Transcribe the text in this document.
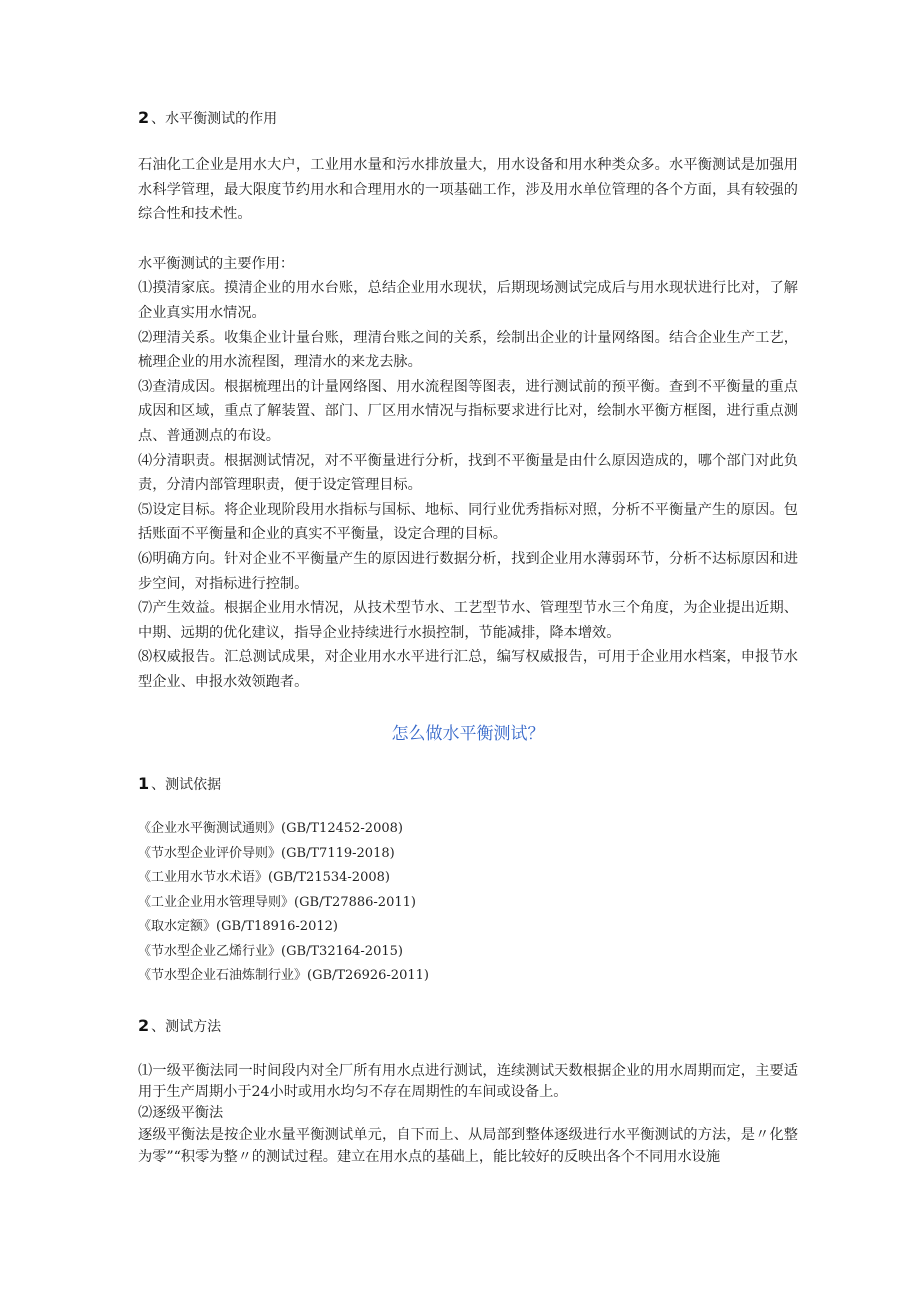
2 、水平衡测试的作用

石油化工企业是用水大户，工业用水量和污水排放量大，用水设备和用水种类众多。水平衡测试是加强用水科学管理，最大限度节约用水和合理用水的一项基础工作，涉及用水单位管理的各个方面，具有较强的综合性和技术性。

水平衡测试的主要作用：

⑴摸清家底。摸清企业的用水台账，总结企业用水现状，后期现场测试完成后与用水现状进行比对，了解企业真实用水情况。

⑵理清关系。收集企业计量台账，理清台账之间的关系，绘制出企业的计量网络图。结合企业生产工艺，梳理企业的用水流程图，理清水的来龙去脉。

⑶查清成因。根据梳理出的计量网络图、用水流程图等图表，进行测试前的预平衡。查到不平衡量的重点成因和区域，重点了解装置、部门、厂区用水情况与指标要求进行比对，绘制水平衡方框图，进行重点测点、普通测点的布设。

⑷分清职责。根据测试情况，对不平衡量进行分析，找到不平衡量是由什么原因造成的，哪个部门对此负责，分清内部管理职责，便于设定管理目标。

⑸设定目标。将企业现阶段用水指标与国标、地标、同行业优秀指标对照，分析不平衡量产生的原因。包括账面不平衡量和企业的真实不平衡量，设定合理的目标。

⑹明确方向。针对企业不平衡量产生的原因进行数据分析，找到企业用水薄弱环节，分析不达标原因和进步空间，对指标进行控制。

⑺产生效益。根据企业用水情况，从技术型节水、工艺型节水、管理型节水三个角度，为企业提出近期、中期、远期的优化建议，指导企业持续进行水损控制，节能减排，降本增效。

⑻权威报告。汇总测试成果，对企业用水水平进行汇总，编写权威报告，可用于企业用水档案，申报节水型企业、申报水效领跑者。

怎么做水平衡测试？

1 、测试依据

《企业水平衡测试通则》(GB/T12452-2008)

《节水型企业评价导则》(GB/T7119-2018)

《工业用水节水术语》(GB/T21534-2008)

《工业企业用水管理导则》(GB/T27886-2011)

《取水定额》(GB/T18916-2012)

《节水型企业乙烯行业》(GB/T32164-2015)

《节水型企业石油炼制行业》(GB/T26926-2011)

2 、测试方法

⑴一级平衡法同一时间段内对全厂所有用水点进行测试，连续测试天数根据企业的用水周期而定，主要适用于生产周期小于24小时或用水均匀不存在周期性的车间或设备上。

⑵逐级平衡法

逐级平衡法是按企业水量平衡测试单元，自下而上、从局部到整体逐级进行水平衡测试的方法，是〃化整为零”“积零为整〃的测试过程。建立在用水点的基础上，能比较好的反映出各个不同用水设施
